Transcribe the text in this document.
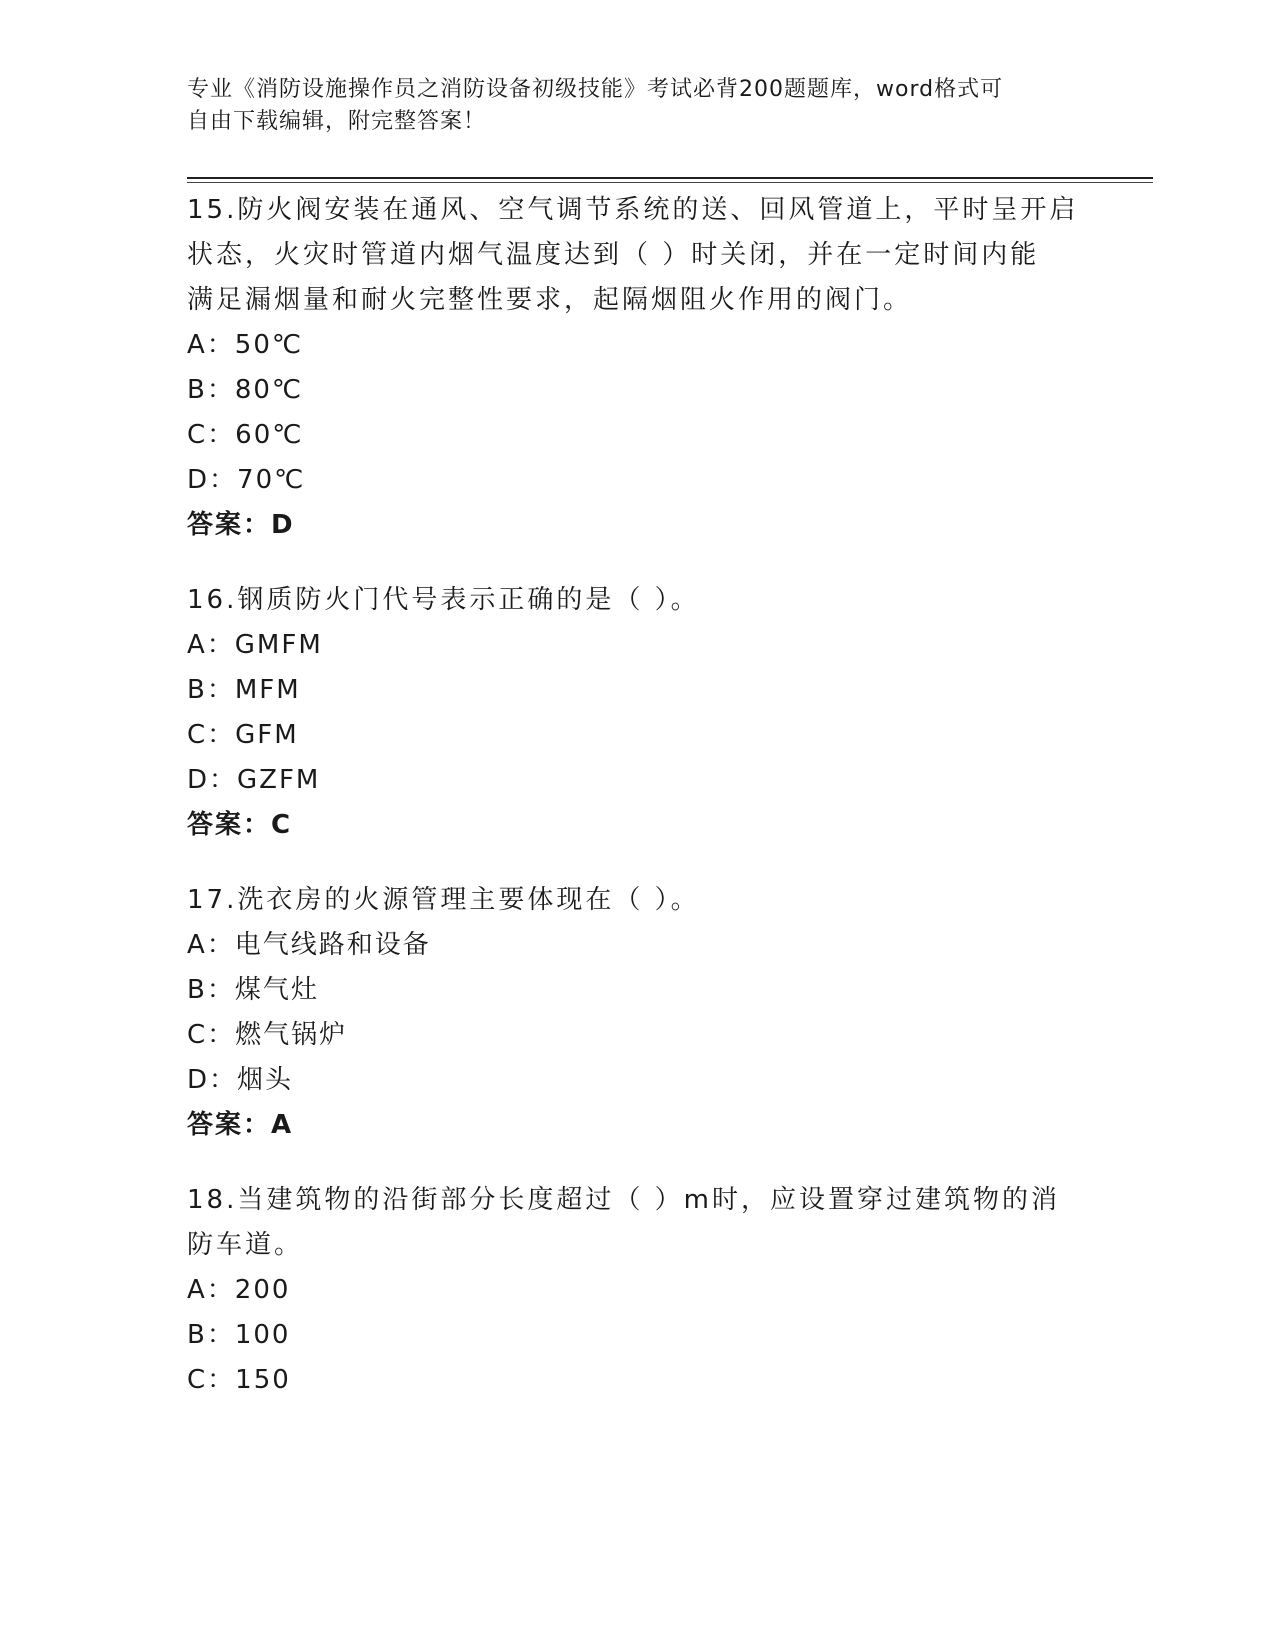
专业《消防设施操作员之消防设备初级技能》考试必背200题题库，word格式可
自由下载编辑，附完整答案！

15.防火阀安装在通风、空气调节系统的送、回风管道上，平时呈开启

状态，火灾时管道内烟气温度达到（ ）时关闭，并在一定时间内能

满足漏烟量和耐火完整性要求，起隔烟阻火作用的阀门。

A：50℃

B：80℃

C：60℃

D：70℃

答案：D

16.钢质防火门代号表示正确的是（ ）。

A：GMFM

B：MFM

C：GFM

D：GZFM

答案：C

17.洗衣房的火源管理主要体现在（ ）。

A：电气线路和设备

B：煤气灶

C：燃气锅炉

D：烟头

答案：A

18.当建筑物的沿街部分长度超过（ ）m时，应设置穿过建筑物的消

防车道。

A：200

B：100

C：150
